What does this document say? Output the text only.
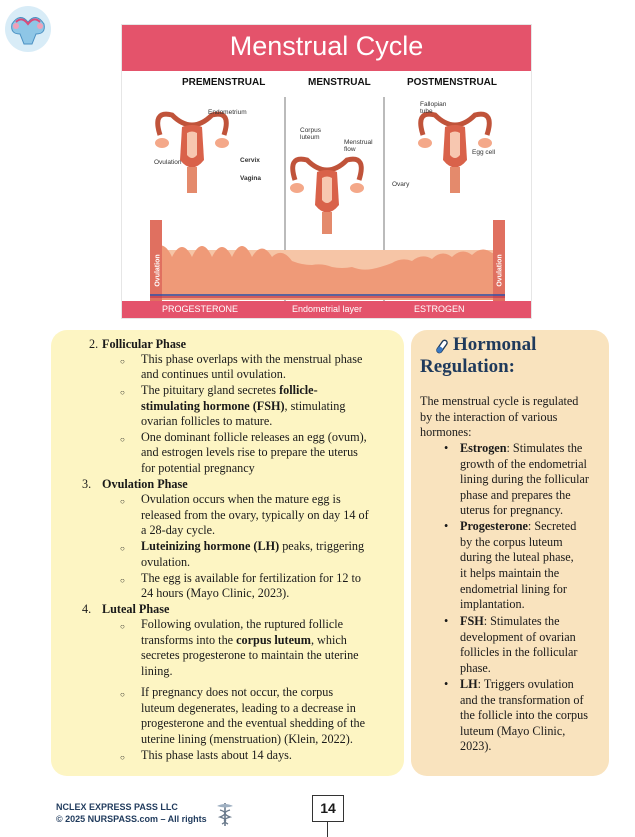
Menstrual Cycle
PREMENSTRUAL	MENSTRUAL	POSTMENSTRUAL
Endometrium
Ovulation	Cervix
Vagina
Corpus luteum
Menstrual flow
Ovary
Fallopian tube
Egg cell
Ovulation	Ovulation
PROGESTERONE	Endometrial layer	ESTROGEN
2. Follicular Phase
○ This phase overlaps with the menstrual phase
and continues until ovulation.
○ The pituitary gland secretes follicle-
stimulating hormone (FSH), stimulating
ovarian follicles to mature.
○ One dominant follicle releases an egg (ovum),
and estrogen levels rise to prepare the uterus
for potential pregnancy
3. Ovulation Phase
○ Ovulation occurs when the mature egg is
released from the ovary, typically on day 14 of
a 28-day cycle.
○ Luteinizing hormone (LH) peaks, triggering
ovulation.
○ The egg is available for fertilization for 12 to
24 hours (Mayo Clinic, 2023).
4. Luteal Phase
○ Following ovulation, the ruptured follicle
transforms into the corpus luteum, which
secretes progesterone to maintain the uterine
lining.
○ If pregnancy does not occur, the corpus
luteum degenerates, leading to a decrease in
progesterone and the eventual shedding of the
uterine lining (menstruation) (Klein, 2022).
○ This phase lasts about 14 days.
Hormonal
Regulation:
The menstrual cycle is regulated
by the interaction of various
hormones:
• Estrogen: Stimulates the
growth of the endometrial
lining during the follicular
phase and prepares the
uterus for pregnancy.
• Progesterone: Secreted
by the corpus luteum
during the luteal phase,
it helps maintain the
endometrial lining for
implantation.
• FSH: Stimulates the
development of ovarian
follicles in the follicular
phase.
• LH: Triggers ovulation
and the transformation of
the follicle into the corpus
luteum (Mayo Clinic,
2023).
NCLEX EXPRESS PASS LLC
© 2025 NURSPASS.com – All rights
14
